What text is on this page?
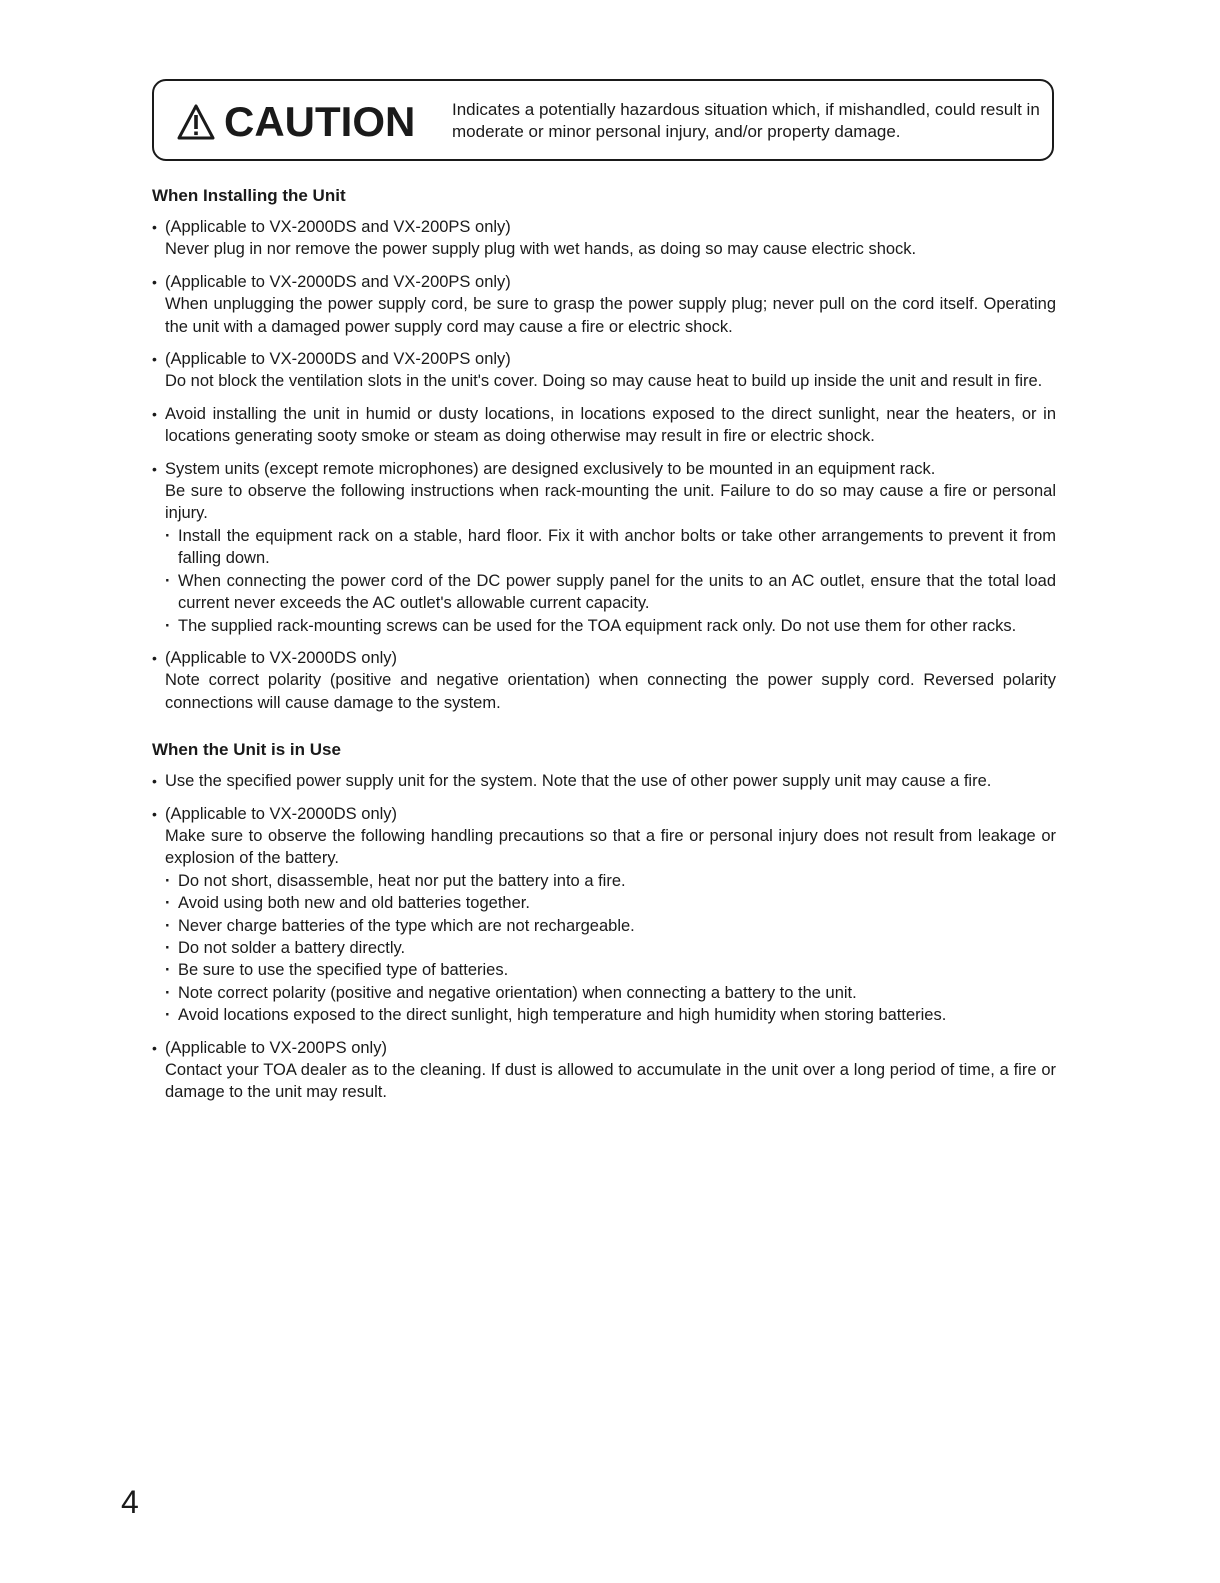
CAUTION Indicates a potentially hazardous situation which, if mishandled, could result in moderate or minor personal injury, and/or property damage.
When Installing the Unit
• (Applicable to VX-2000DS and VX-200PS only)
Never plug in nor remove the power supply plug with wet hands, as doing so may cause electric shock.
• (Applicable to VX-2000DS and VX-200PS only)
When unplugging the power supply cord, be sure to grasp the power supply plug; never pull on the cord itself. Operating the unit with a damaged power supply cord may cause a fire or electric shock.
• (Applicable to VX-2000DS and VX-200PS only)
Do not block the ventilation slots in the unit's cover. Doing so may cause heat to build up inside the unit and result in fire.
• Avoid installing the unit in humid or dusty locations, in locations exposed to the direct sunlight, near the heaters, or in locations generating sooty smoke or steam as doing otherwise may result in fire or electric shock.
• System units (except remote microphones) are designed exclusively to be mounted in an equipment rack.
Be sure to observe the following instructions when rack-mounting the unit. Failure to do so may cause a fire or personal injury.
· Install the equipment rack on a stable, hard floor. Fix it with anchor bolts or take other arrangements to prevent it from falling down.
· When connecting the power cord of the DC power supply panel for the units to an AC outlet, ensure that the total load current never exceeds the AC outlet's allowable current capacity.
· The supplied rack-mounting screws can be used for the TOA equipment rack only. Do not use them for other racks.
• (Applicable to VX-2000DS only)
Note correct polarity (positive and negative orientation) when connecting the power supply cord. Reversed polarity connections will cause damage to the system.
When the Unit is in Use
• Use the specified power supply unit for the system. Note that the use of other power supply unit may cause a fire.
• (Applicable to VX-2000DS only)
Make sure to observe the following handling precautions so that a fire or personal injury does not result from leakage or explosion of the battery.
· Do not short, disassemble, heat nor put the battery into a fire.
· Avoid using both new and old batteries together.
· Never charge batteries of the type which are not rechargeable.
· Do not solder a battery directly.
· Be sure to use the specified type of batteries.
· Note correct polarity (positive and negative orientation) when connecting a battery to the unit.
· Avoid locations exposed to the direct sunlight, high temperature and high humidity when storing batteries.
• (Applicable to VX-200PS only)
Contact your TOA dealer as to the cleaning. If dust is allowed to accumulate in the unit over a long period of time, a fire or damage to the unit may result.
4
